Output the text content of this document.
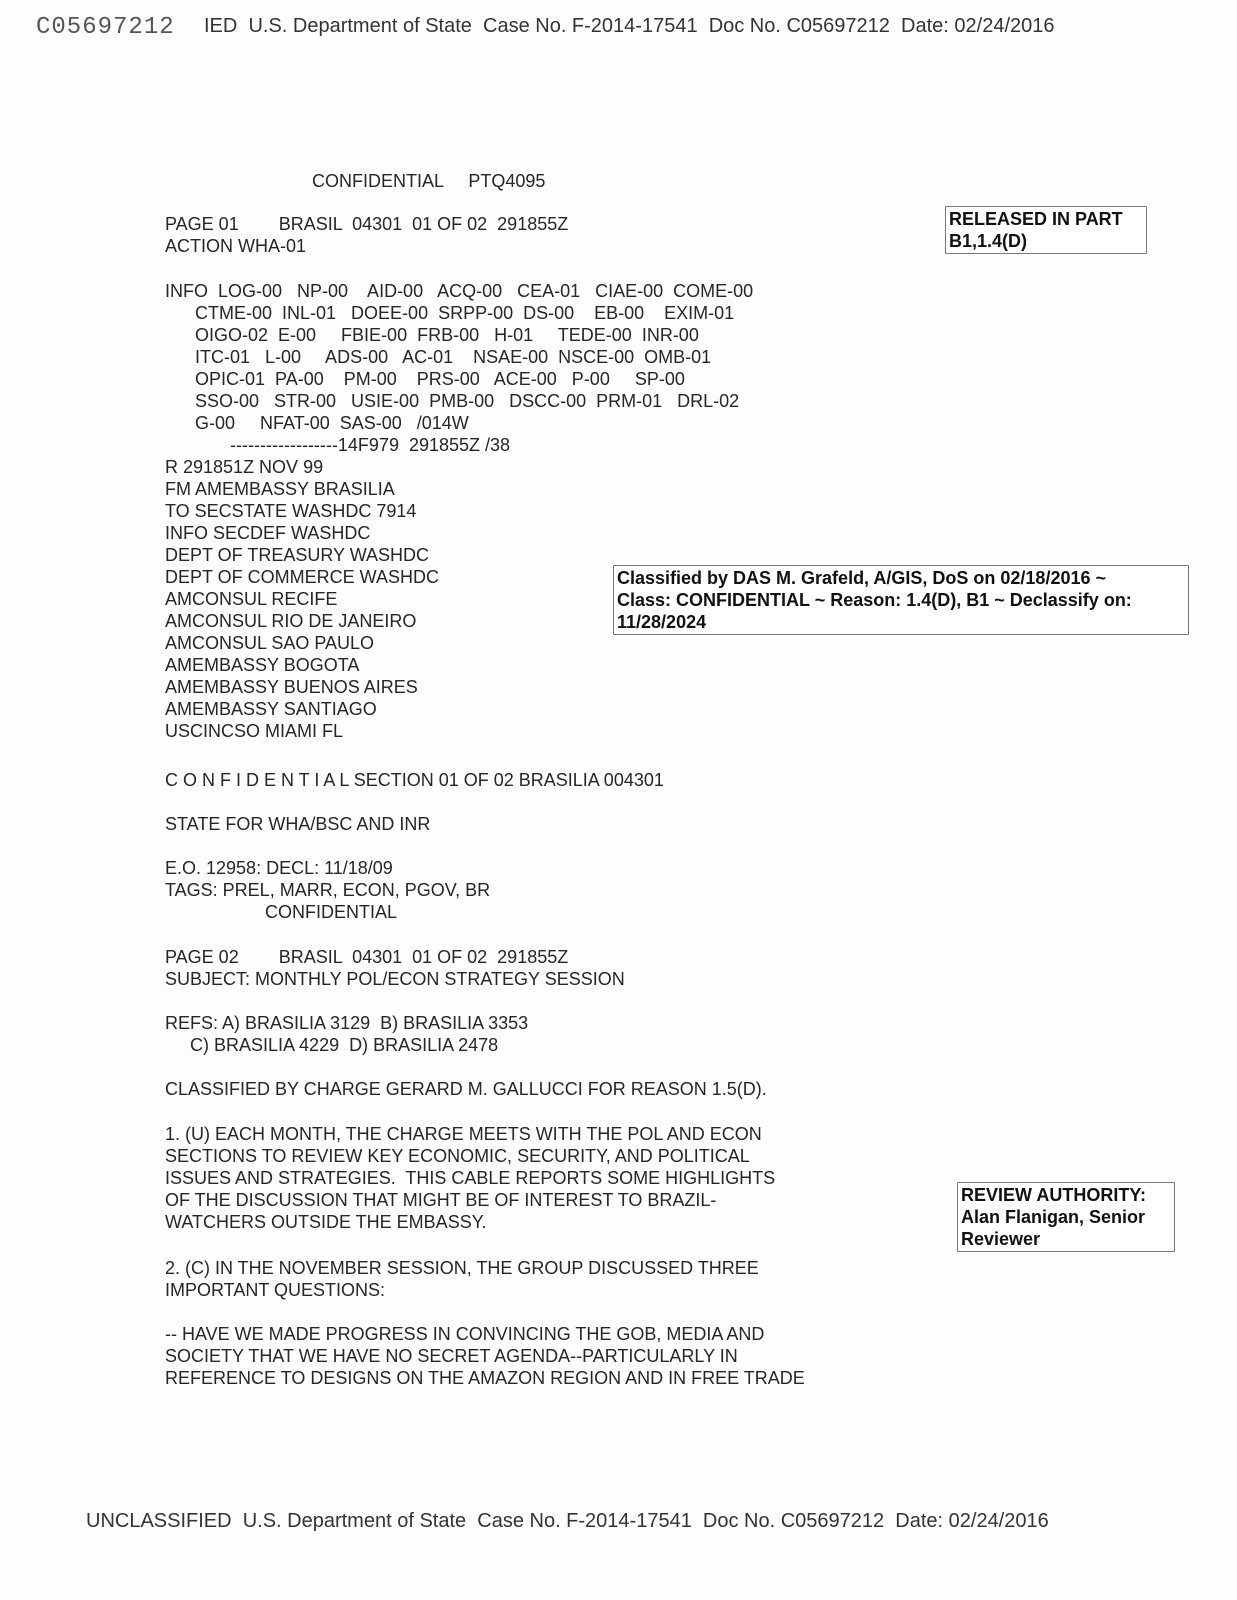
C05697212 IED  U.S. Department of State  Case No. F-2014-17541  Doc No. C05697212  Date: 02/24/2016
CONFIDENTIAL     PTQ4095
RELEASED IN PART
B1,1.4(D)
PAGE 01        BRASIL  04301  01 OF 02  291855Z
ACTION WHA-01
INFO  LOG-00   NP-00    AID-00   ACQ-00   CEA-01   CIAE-00  COME-00
CTME-00  INL-01   DOEE-00  SRPP-00  DS-00    EB-00    EXIM-01
OIGO-02  E-00     FBIE-00  FRB-00   H-01     TEDE-00  INR-00
ITC-01   L-00     ADS-00   AC-01    NSAE-00  NSCE-00  OMB-01
OPIC-01  PA-00    PM-00    PRS-00   ACE-00   P-00     SP-00
SSO-00   STR-00   USIE-00  PMB-00   DSCC-00  PRM-01   DRL-02
G-00     NFAT-00  SAS-00   /014W
------------------14F979  291855Z /38
R 291851Z NOV 99
FM AMEMBASSY BRASILIA
TO SECSTATE WASHDC 7914
INFO SECDEF WASHDC
DEPT OF TREASURY WASHDC
DEPT OF COMMERCE WASHDC
AMCONSUL RECIFE
AMCONSUL RIO DE JANEIRO
AMCONSUL SAO PAULO
AMEMBASSY BOGOTA
AMEMBASSY BUENOS AIRES
AMEMBASSY SANTIAGO
USCINCSO MIAMI FL
Classified by DAS M. Grafeld, A/GIS, DoS on 02/18/2016 ~
Class: CONFIDENTIAL ~ Reason: 1.4(D), B1 ~ Declassify on:
11/28/2024
C O N F I D E N T I A L SECTION 01 OF 02 BRASILIA 004301
STATE FOR WHA/BSC AND INR
E.O. 12958: DECL: 11/18/09
TAGS: PREL, MARR, ECON, PGOV, BR
CONFIDENTIAL
PAGE 02        BRASIL  04301  01 OF 02  291855Z
SUBJECT: MONTHLY POL/ECON STRATEGY SESSION
REFS: A) BRASILIA 3129  B) BRASILIA 3353
C) BRASILIA 4229  D) BRASILIA 2478
CLASSIFIED BY CHARGE GERARD M. GALLUCCI FOR REASON 1.5(D).
1. (U) EACH MONTH, THE CHARGE MEETS WITH THE POL AND ECON
SECTIONS TO REVIEW KEY ECONOMIC, SECURITY, AND POLITICAL
ISSUES AND STRATEGIES.  THIS CABLE REPORTS SOME HIGHLIGHTS
OF THE DISCUSSION THAT MIGHT BE OF INTEREST TO BRAZIL-
WATCHERS OUTSIDE THE EMBASSY.
REVIEW AUTHORITY:
Alan Flanigan, Senior
Reviewer
2. (C) IN THE NOVEMBER SESSION, THE GROUP DISCUSSED THREE
IMPORTANT QUESTIONS:
-- HAVE WE MADE PROGRESS IN CONVINCING THE GOB, MEDIA AND
SOCIETY THAT WE HAVE NO SECRET AGENDA--PARTICULARLY IN
REFERENCE TO DESIGNS ON THE AMAZON REGION AND IN FREE TRADE
UNCLASSIFIED  U.S. Department of State  Case No. F-2014-17541  Doc No. C05697212  Date: 02/24/2016
